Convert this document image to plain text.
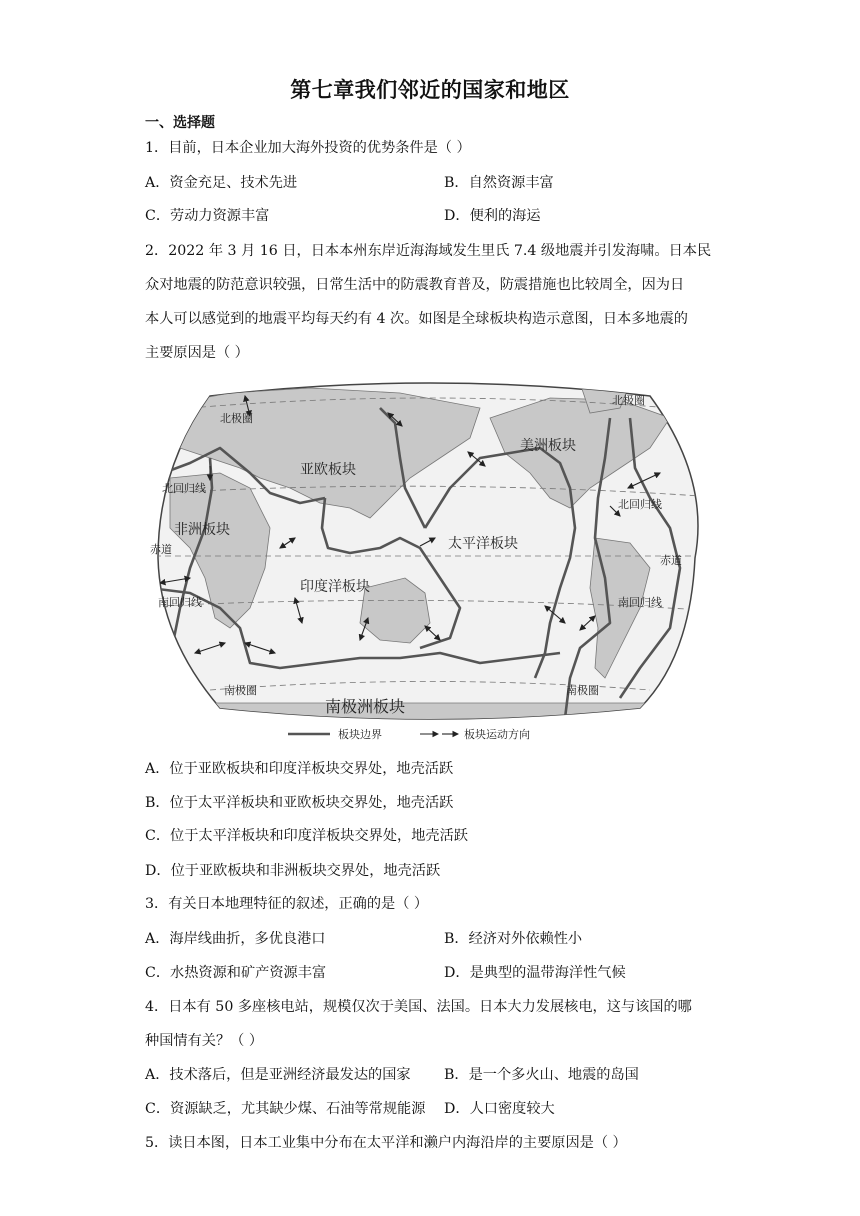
第七章我们邻近的国家和地区
一、选择题
1．目前，日本企业加大海外投资的优势条件是（ ）
A．资金充足、技术先进	B．自然资源丰富
C．劳动力资源丰富	D．便利的海运
2．2022 年 3 月 16 日，日本本州东岸近海海域发生里氏 7.4 级地震并引发海啸。日本民
众对地震的防范意识较强，日常生活中的防震教育普及，防震措施也比较周全，因为日
本人可以感觉到的地震平均每天约有 4 次。如图是全球板块构造示意图，日本多地震的
主要原因是（ ）
北极圈
北极圈
北回归线
北回归线
赤道
赤道
南回归线	南回归线
南极圈	南极圈
亚欧板块
美洲板块
非洲板块
太平洋板块
印度洋板块
南极洲板块
板块边界	板块运动方向
A．位于亚欧板块和印度洋板块交界处，地壳活跃
B．位于太平洋板块和亚欧板块交界处，地壳活跃
C．位于太平洋板块和印度洋板块交界处，地壳活跃
D．位于亚欧板块和非洲板块交界处，地壳活跃
3．有关日本地理特征的叙述，正确的是（ ）
A．海岸线曲折，多优良港口	B．经济对外依赖性小
C．水热资源和矿产资源丰富	D．是典型的温带海洋性气候
4．日本有 50 多座核电站，规模仅次于美国、法国。日本大力发展核电，这与该国的哪
种国情有关？（ ）
A．技术落后，但是亚洲经济最发达的国家 B．是一个多火山、地震的岛国
C．资源缺乏，尤其缺少煤、石油等常规能源 D．人口密度较大
5．读日本图，日本工业集中分布在太平洋和濑户内海沿岸的主要原因是（ ）
